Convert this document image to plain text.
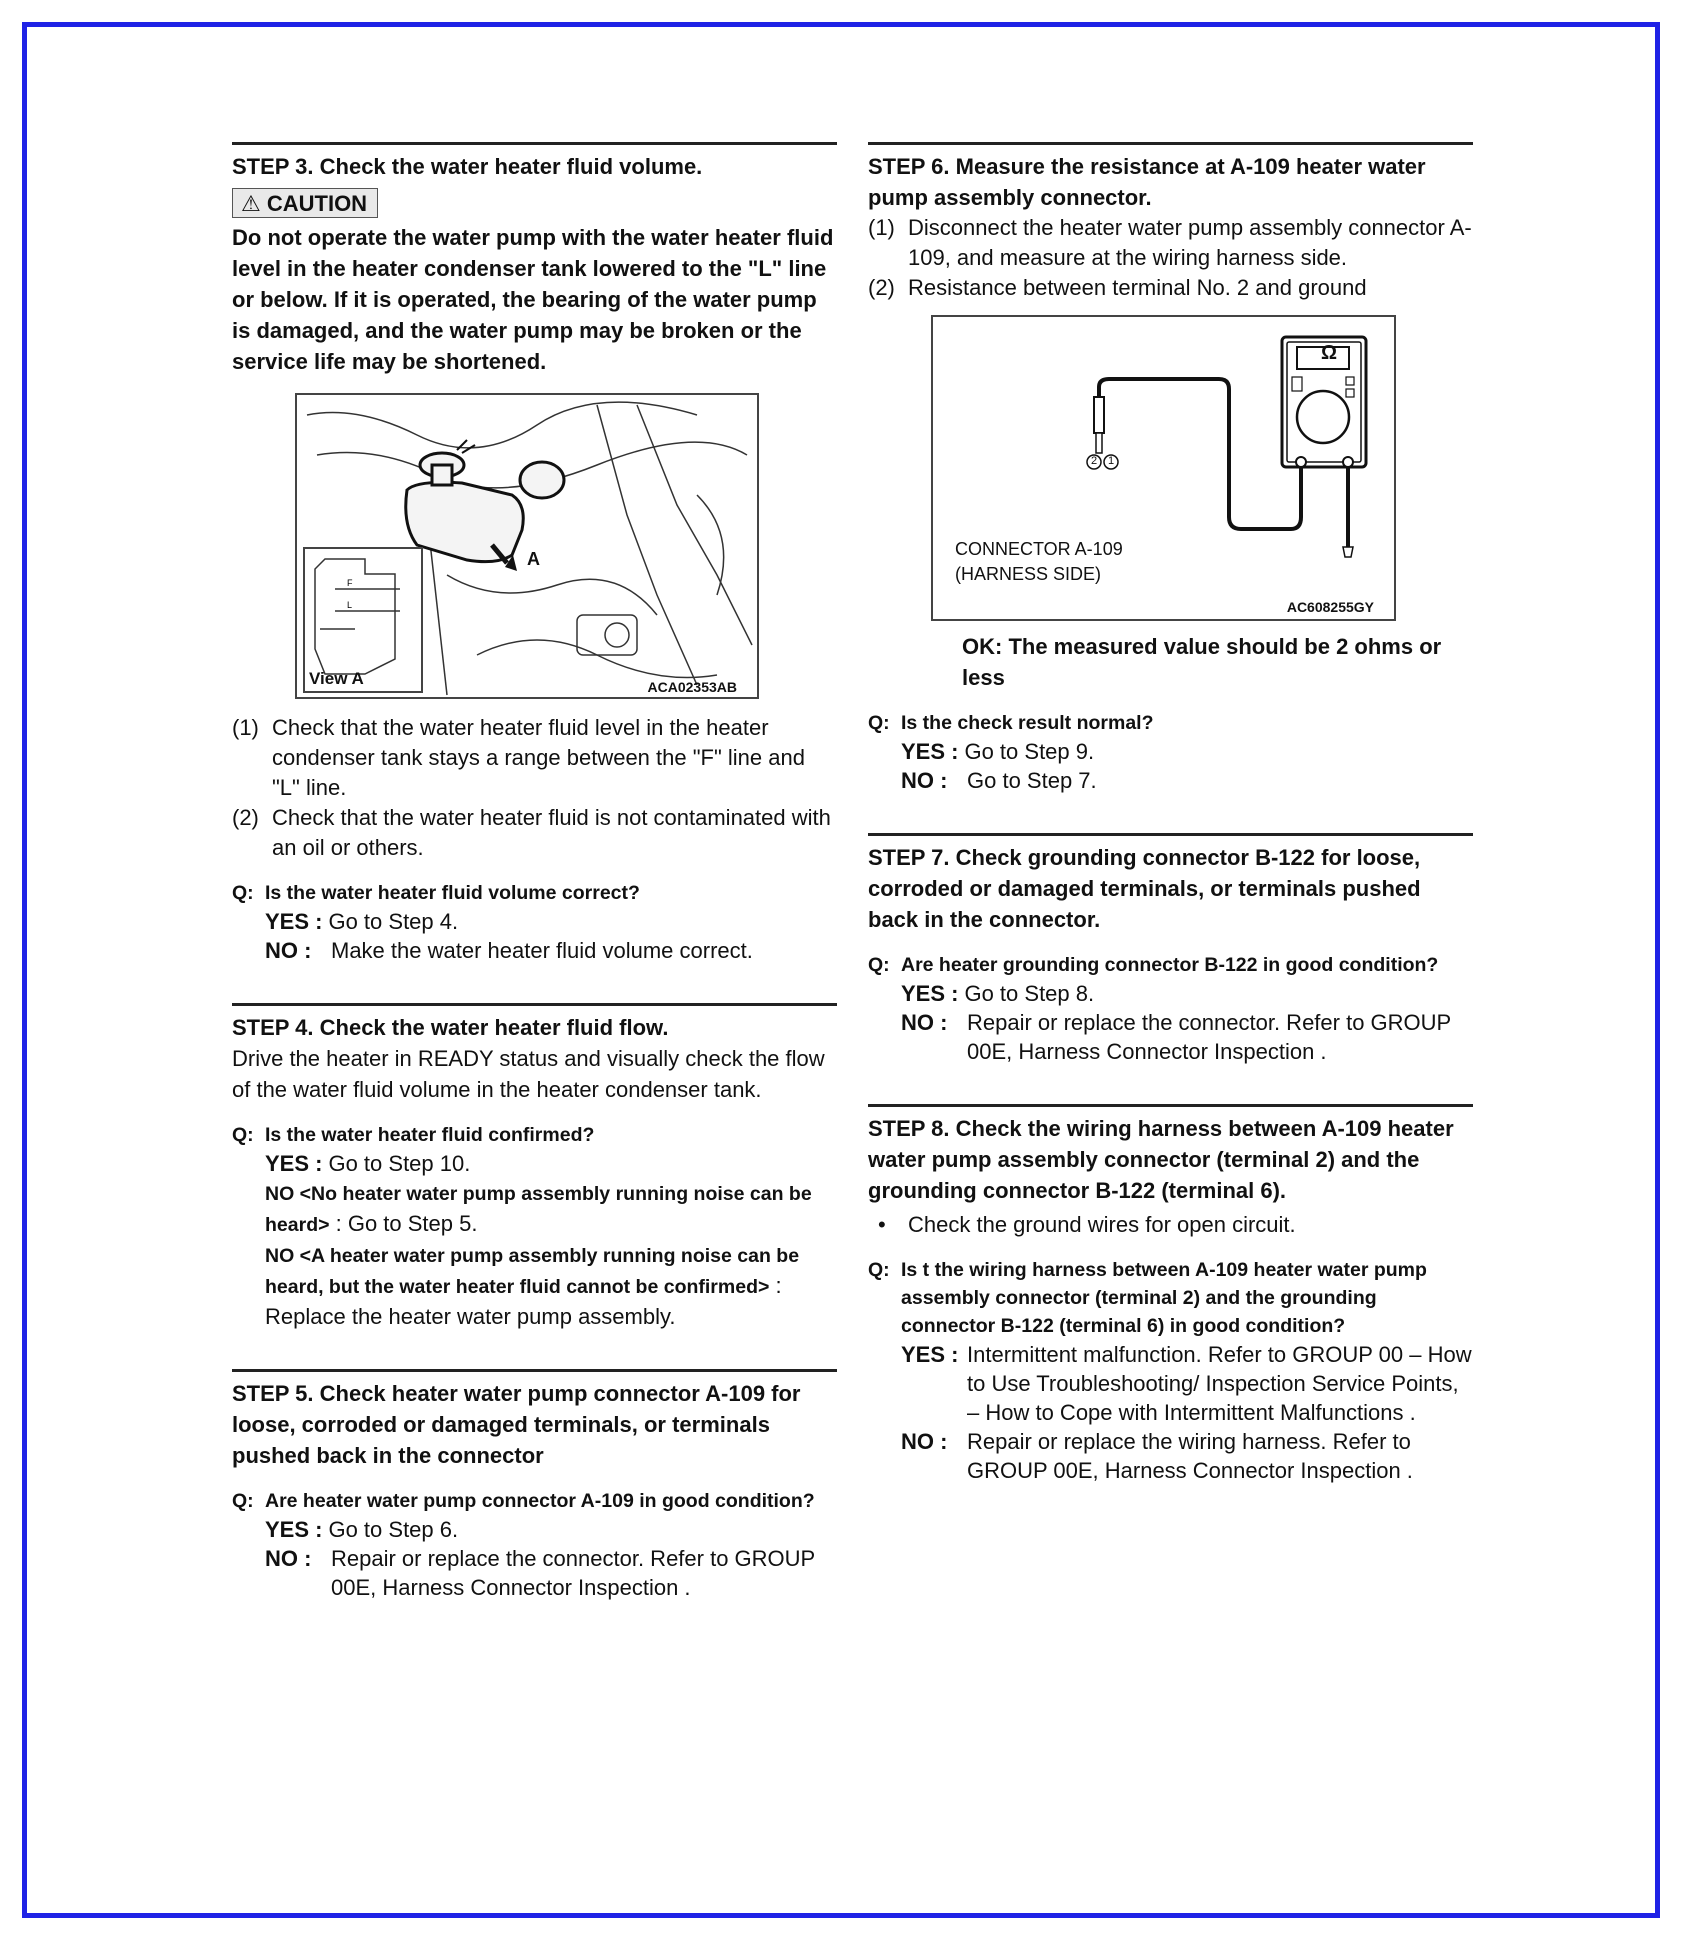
STEP 3. Check the water heater fluid volume.

⚠ CAUTION

Do not operate the water pump with the water heater fluid level in the heater condenser tank lowered to the "L" line or below. If it is operated, the bearing of the water pump is damaged, and the water pump may be broken or the service life may be shortened.

A
F
L
View A	ACA02353AB
(1) Check that the water heater fluid level in the heater condenser tank stays a range between the "F" line and "L" line.
(2) Check that the water heater fluid is not contaminated with an oil or others.
Q: Is the water heater fluid volume correct?
YES : Go to Step 4.
NO : Make the water heater fluid volume correct.

STEP 4. Check the water heater fluid flow.

Drive the heater in READY status and visually check the flow of the water fluid volume in the heater condenser tank.

Q: Is the water heater fluid confirmed?
YES : Go to Step 10.
NO <No heater water pump assembly running noise can be heard> : Go to Step 5.
NO <A heater water pump assembly running noise can be heard, but the water heater fluid cannot be confirmed> : Replace the heater water pump assembly.

STEP 5. Check heater water pump connector A-109 for loose, corroded or damaged terminals, or terminals pushed back in the connector

Q: Are heater water pump connector A-109 in good condition?
YES : Go to Step 6.
NO : Repair or replace the connector. Refer to GROUP 00E, Harness Connector Inspection .

STEP 6. Measure the resistance at A-109 heater water pump assembly connector.

(1) Disconnect the heater water pump assembly connector A-109, and measure at the wiring harness side.
(2) Resistance between terminal No. 2 and ground
Ω
2 1
CONNECTOR A-109
(HARNESS SIDE)
AC608255GY

OK: The measured value should be 2 ohms or less

Q: Is the check result normal?
YES : Go to Step 9.
NO : Go to Step 7.

STEP 7. Check grounding connector B-122 for loose, corroded or damaged terminals, or terminals pushed back in the connector.

Q: Are heater grounding connector B-122 in good condition?
YES : Go to Step 8.
NO : Repair or replace the connector. Refer to GROUP 00E, Harness Connector Inspection .

STEP 8. Check the wiring harness between A-109 heater water pump assembly connector (terminal 2) and the grounding connector B-122 (terminal 6).

•	Check the ground wires for open circuit.
Q: Is t the wiring harness between A-109 heater water pump assembly connector (terminal 2) and the grounding connector B-122 (terminal 6) in good condition?
YES : Intermittent malfunction. Refer to GROUP 00 – How to Use Troubleshooting/ Inspection Service Points, – How to Cope with Intermittent Malfunctions .
NO : Repair or replace the wiring harness. Refer to GROUP 00E, Harness Connector Inspection .
